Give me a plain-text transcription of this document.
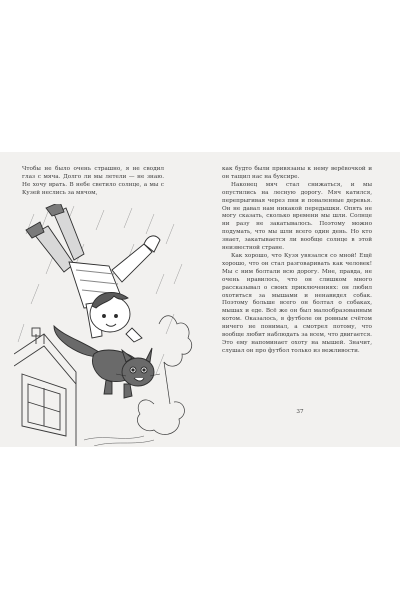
Чтобы не было очень страшно, я не сводил глаз с мяча. Долго ли мы летели — не знаю. Не хочу врать. В небе светило солнце, а мы с Кузей неслись за мячом,

как будто были привязаны к нему верёвочкой и он тащил нас на буксире.

Наконец мяч стал снижаться, и мы опустились на лесную дорогу. Мяч катился, перепрыгивая через пни и поваленные деревья. Он не давал нам никакой передышки. Опять не могу сказать, сколько времени мы шли. Солнце ни разу не закатывалось. Поэтому можно подумать, что мы шли всего один день. Но кто знает, закатывается ли вообще солнце в этой неизвестной стране.

Как хорошо, что Кузя увязался со мной! Ещё хорошо, что он стал разговаривать как человек! Мы с ним болтали всю дорогу. Мне, правда, не очень нравилось, что он слишком много рассказывал о своих приключениях: он любил охотиться за мышами и ненавидел собак. Поэтому больше всего он болтал о собаках, мышах и еде. Всё же он был малообразованным котом. Оказалось, в футболе он ровным счётом ничего не понимал, а смотрел потому, что вообще любит наблюдать за всем, что двигается. Это ему напоминает охоту на мышей. Значит, слушал он про футбол только из вежливости.

37
